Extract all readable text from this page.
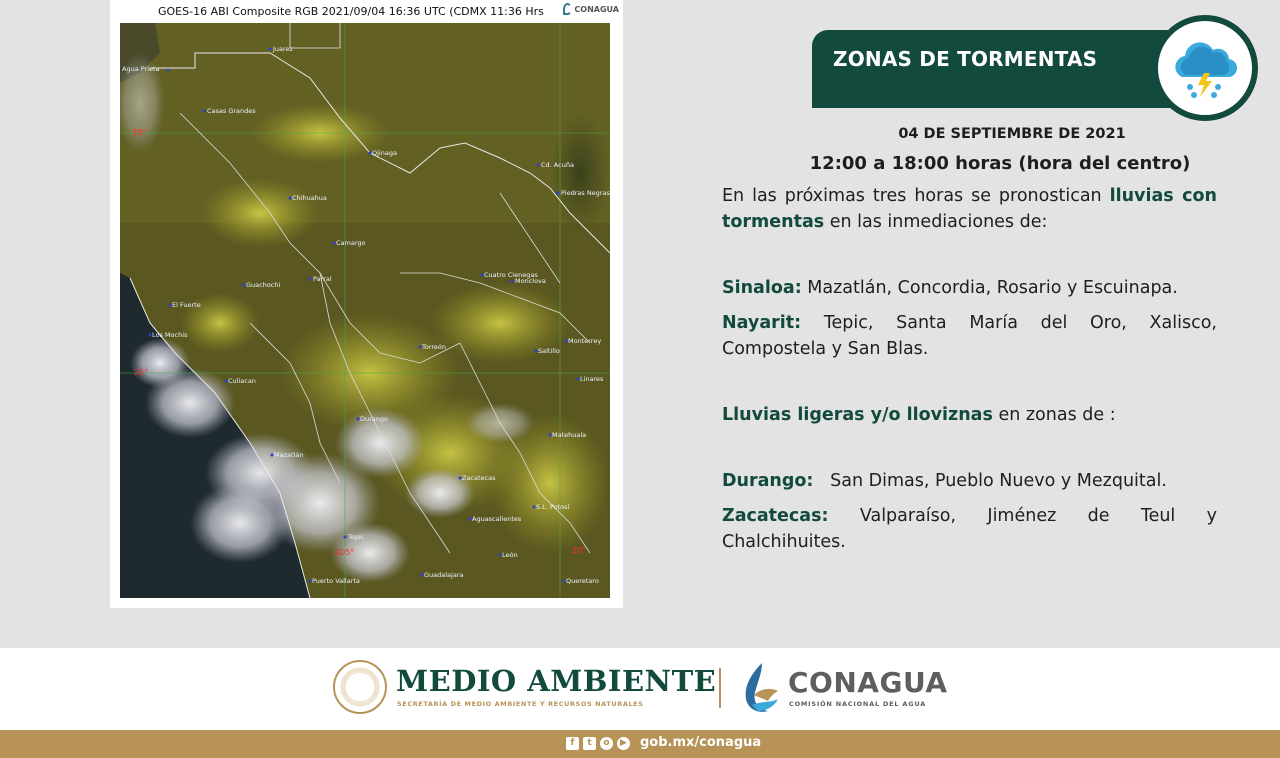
GOES-16 ABI Composite RGB 2021/09/04 16:36 UTC (CDMX 11:36 Hrs	CONAGUA
30°
25°
20°
-105°
Juarez
Agua Prieta
Casas Grandes
Ojinaga
Cd. Acuña
Piedras Negras
Chihuahua
Camargo
Guachochi
Parral	Cuatro Cienegas
Monclova
El Fuerte
Los Mochis
Monterrey
Torreón	Saltillo
Culiacan	Linares
Durango
Matehuala
Mazatlán
Zacatecas
S.L. Potosí
Tepic
Aguascalientes
León
Puerto Vallarta
Guadalajara
Queretaro
ZONAS DE TORMENTAS
04 DE SEPTIEMBRE DE 2021
12:00 a 18:00 horas (hora del centro)

En las próximas tres horas se pronostican lluvias con tormentas en las inmediaciones de:

Sinaloa: Mazatlán, Concordia, Rosario y Escuinapa.

Nayarit: Tepic, Santa María del Oro, Xalisco, Compostela y San Blas.

Lluvias ligeras y/o lloviznas en zonas de :

Durango:   San Dimas, Pueblo Nuevo y Mezquital.

Zacatecas: Valparaíso, Jiménez de Teul y Chalchihuites.

MEDIO AMBIENTE
SECRETARÍA DE MEDIO AMBIENTE Y RECURSOS NATURALES
CONAGUA
COMISIÓN NACIONAL DEL AGUA
f	t	o	▶ gob.mx/conagua
